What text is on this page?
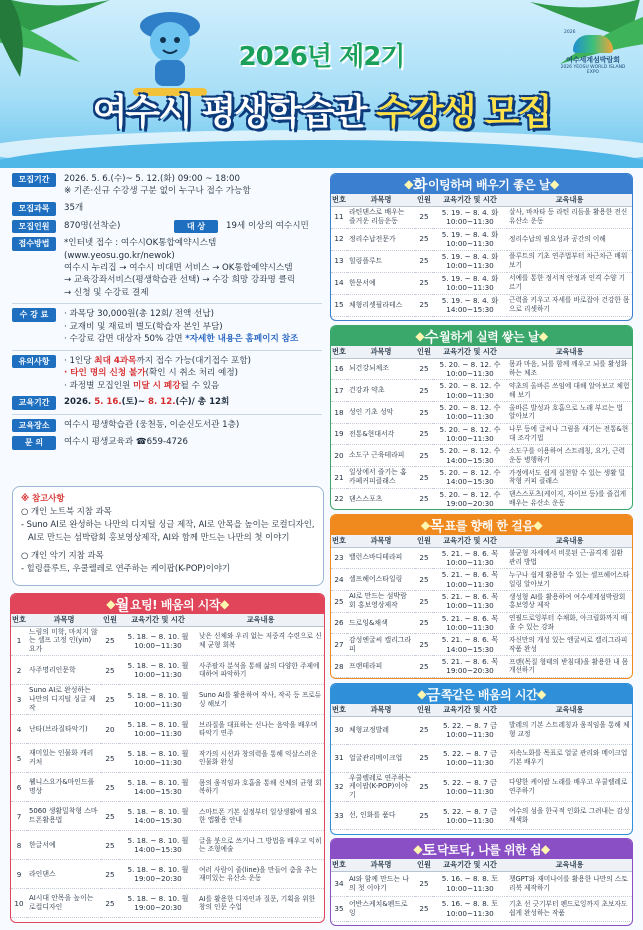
2026
여수세계섬박람회
2026 YEOSU WORLD ISLAND EXPO
2026년 제2기
여수시 평생학습관 수강생 모집
모집기간	2026. 5. 6.(수)~ 5. 12.(화) 09:00 ~ 18:00
※ 기존·신규 수강생 구분 없이 누구나 접수 가능함
모집과목	35개
모집인원	870명(선착순)	대 상	19세 이상의 여수시민
접수방법	*인터넷 접수 : 여수시OK통합예약시스템(www.yeosu.go.kr/newok)
여수시 누리집 → 여수시 비대면 서비스 → OK통합예약시스템
→ 교육강좌서비스(평생학습관 선택) → 수강 희망 강좌명 클릭
→ 신청 및 수강료 결제
수 강 료	· 과목당 30,000원(총 12회/ 전액 선납)
· 교재비 및 재료비 별도(학습자 본인 부담)
· 수강료 감면 대상자 50% 감면 *자세한 내용은 홈페이지 참조
유의사항	· 1인당 최대 4과목까지 접수 가능(대기접수 포함)
· 타인 명의 신청 불가(확인 시 취소 처리 예정)
· 과정별 모집인원 미달 시 폐강될 수 있음
교육기간	2026. 5. 16.(토)~ 8. 12.(수)/ 총 12회
교육장소	여수시 평생학습관 (웅천동, 이순신도서관 1층)
문 의	여수시 평생교육과 ☎659-4726
※ 참고사항
○ 개인 노트북 지참 과목
- Suno AI로 완성하는 나만의 디지털 싱글 제작, AI로 안목을 높이는 로컬디자인,
AI로 만드는 섬박람회 홍보영상제작, AI와 함께 만드는 나만의 첫 이야기
○ 개인 악기 지참 과목
- 힐링플루트, 우쿨렐레로 연주하는 케이팝(K-POP)이야기
◆ 월 요팅! 배움의 시작 ◆
번호	과목명	인원	교육기간 및 시간	교육내용
1	느림의 미학, 마치지 않는 셀프 고정 인(yin) 요가	25	5. 18. ~ 8. 10. 월 10:00~11:30	낮은 신체와 우리 없는 저중격 수련으로 신체 균형 회복
2	사주명리인문학	25	5. 18. ~ 8. 10. 월 10:00~11:30	사주팔자 분석을 통해 삶의 다양한 주제에 대하여 파악하기
3	Suno AI로 완성하는 나만의 디지털 싱글 제작	25	5. 18. ~ 8. 10. 월 10:00~11:30	Suno AI를 활용하여 작사, 작곡 등 프로듀싱 해보기
4	난타(브라질타악기)	20	5. 18. ~ 8. 10. 월 10:00~11:30	브라질을 대표하는 신나는 음악을 배우며 타악기 연주
5	재미있는 인물화 캐리커처	25	5. 18. ~ 8. 10. 월 10:00~11:30	작가의 시선과 창의력을 통해 익살스러운 인물화 완성
6	웰니스요가&마인드풀 명상	25	5. 18. ~ 8. 10. 월 14:00~15:30	몸의 움직임과 호흡을 통해 신체의 균형 회복하기
7	5060 생활밀착형 스마트폰활용법	25	5. 18. ~ 8. 10. 월 14:00~15:30	스마트폰 기본 설정부터 일상생활에 필요한 앱활용 안내
8	한글서예	25	5. 18. ~ 8. 10. 월 14:00~15:30	글을 붓으로 쓰거나 그 방법을 배우고 익히는 조형예술
9	라인댄스	25	5. 18. ~ 8. 10. 월 19:00~20:30	여러 사람이 줄(line)을 만들어 춤을 추는 재미있는 유산소 운동
10	AI시대 안목을 높이는 로컬디자인	25	5. 18. ~ 8. 10. 월 19:00~20:30	AI를 활용한 디자인과 질문, 기획을 위한 창의 인문 수업
◆ 화 이팅하며 배우기 좋은 날 ◆
번호	과목명	인원	교육기간 및 시간	교육내용
11	라틴댄스로 배우는 즐거운 리듬운동	25	5. 19. ~ 8. 4. 화 10:00~11:30	살사, 바차타 등 라틴 리듬을 활용한 전신 유산소 운동
12	정리수납전문가	25	5. 19. ~ 8. 4. 화 10:00~11:30	정리수납의 필요성과 공간의 이해
13	힐링플루트	25	5. 19. ~ 8. 4. 화 10:00~11:30	플루트의 기초 연주법부터 차근차근 배워보기
14	한문서예	25	5. 19. ~ 8. 4. 화 10:00~11:30	서예를 통한 정서적 안정과 인격 수양 기르기
15	체형리셋필라테스	25	5. 19. ~ 8. 4. 화 14:00~15:30	근력을 키우고 자세를 바로잡아 건강한 몸으로 리셋하기
◆ 수 월하게 실력 쌓는 날 ◆
번호	과목명	인원	교육기간 및 시간	교육내용
16	뇌건강뇌체조	25	5. 20. ~ 8. 12. 수 10:00~11:30	몸과 마음, 뇌를 함께 깨우고 뇌를 활성화하는 체조
17	건강과 약초	25	5. 20. ~ 8. 12. 수 10:00~11:30	약초의 올바른 쓰임에 대해 알아보고 체험해 보기
18	성인 기초 성악	25	5. 20. ~ 8. 12. 수 10:00~11:30	올바른 발성과 호흡으로 노래 부르는 법 알아보기
19	전통&현대서각	25	5. 20. ~ 8. 12. 수 10:00~11:30	나무 등에 글씨나 그림을 새기는 전통&현대 조각기법
20	소도구 근육테라피	25	5. 20. ~ 8. 12. 수 14:00~15:30	소도구를 이용하여 스트레칭, 요가, 근력운동 병행하기
21	일상에서 즐기는 홈카페커피클래스	25	5. 20. ~ 8. 12. 수 14:00~15:30	가정에서도 쉽게 실천할 수 있는 생활 밀착형 커피 클래스
22	댄스스포츠	25	5. 20. ~ 8. 12. 수 19:00~20:30	댄스스포츠(케이지, 자이브 등)를 즐겁게 배우는 유산소 운동
◆ 목 표를 향해 한 걸음 ◆
번호	과목명	인원	교육기간 및 시간	교육내용
23	밸런스바디테라피	25	5. 21. ~ 8. 6. 목 10:00~11:30	불균형 자세에서 비롯된 근·골격계 질환 관리 방법
24	셀프헤어스타일링	25	5. 21. ~ 8. 6. 목 10:00~11:30	누구나 쉽게 활용할 수 있는 셀프헤어스타일링 알아보기
25	AI로 만드는 섬박람회 홍보영상제작	25	5. 21. ~ 8. 6. 목 10:00~11:30	생성형 AI를 활용하여 여수세계섬박람회 홍보영상 제작
26	드로잉&채색	25	5. 21. ~ 8. 6. 목 10:00~11:30	연필드로잉부터 수채화, 아크릴화까지 배울 수 있는 강좌
27	감성엔굴씨 캘리그라피	25	5. 21. ~ 8. 6. 목 14:00~15:30	자신만의 개성 있는 엔굴씨로 캘리그라피 작품 완성
28	프랜테라피	25	5. 21. ~ 8. 6. 목 19:00~20:30	프랜(목질 형태의 받침대)을 활용한 내 몸 개선하기

◆ 금 쪽같은 배움의 시간 ◆
번호	과목명	인원	교육기간 및 시간	교육내용
30	체형교정발레	25	5. 22. ~ 8. 7 금 10:00~11:30	발레의 기본 스트레칭과 움직임을 통해 체형 교정
31	얼굴관리메이크업	25	5. 22. ~ 8. 7 금 10:00~11:30	저속노화를 목표로 얼굴 관리와 메이크업 기본 배우기
32	우쿨렐레로 연주하는 케이팝(K-POP)이야기	25	5. 22. ~ 8. 7 금 10:00~11:30	다양한 케이팝 노래를 배우고 우쿨렐레로 연주하기
33	선, 인화를 품다	25	5. 22. ~ 8. 7 금 10:00~11:30	여수의 섬을 한국적 인화로 그려내는 감성 채색화
◆ 토 닥토닥, 나를 위한 쉼 ◆
번호	과목명	인원	교육기간 및 시간	교육내용
34	AI와 함께 만드는 나의 첫 이야기	25	5. 16. ~ 8. 8. 토 10:00~11:30	챗GPT와 재미나이를 활용한 나만의 스토리북 제작하기
35	어반스케치&펜드로잉	25	5. 16. ~ 8. 8. 토 10:00~11:30	기초 선 긋기부터 펜드로잉까지 초보자도 쉽게 완성하는 작품
